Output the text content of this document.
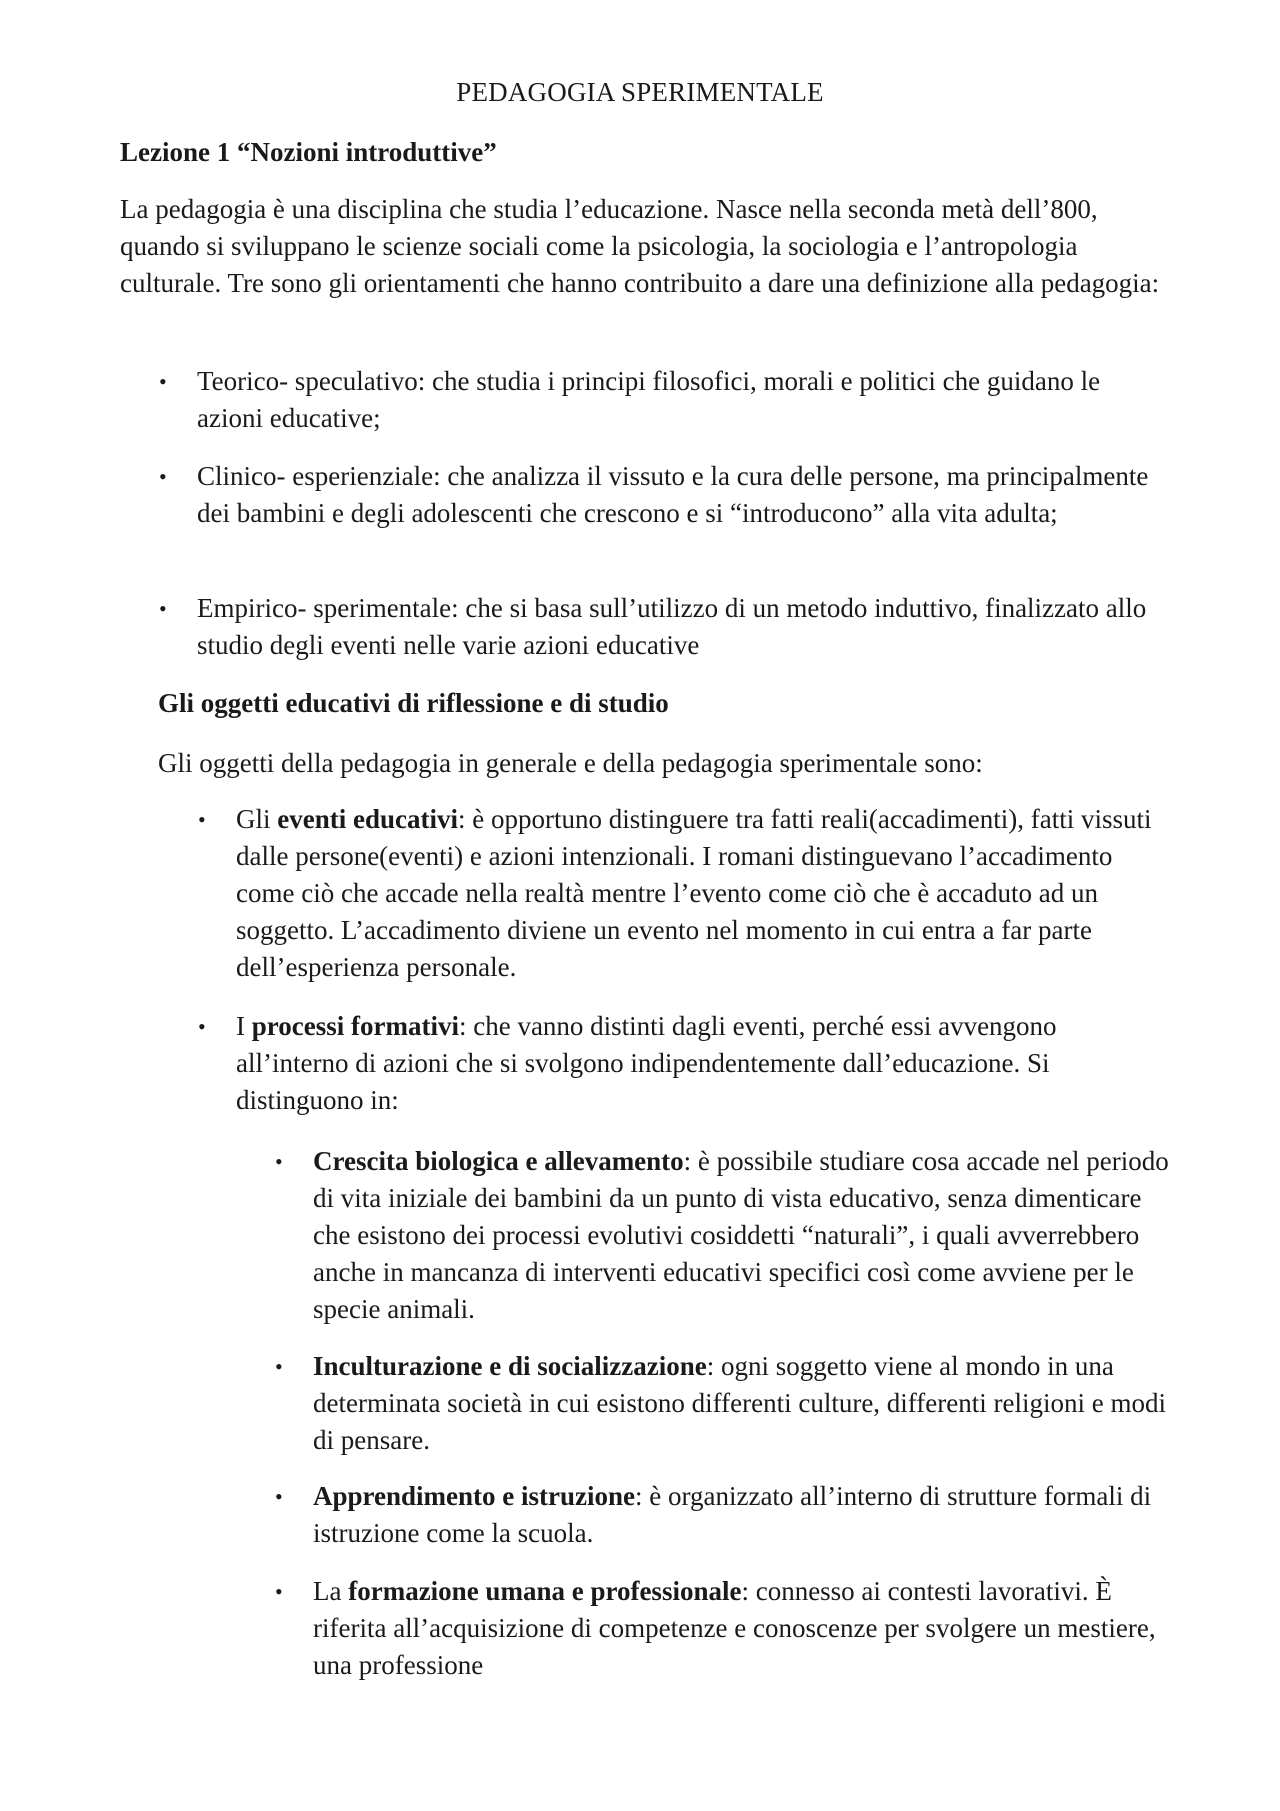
PEDAGOGIA SPERIMENTALE
Lezione 1 “Nozioni introduttive”

La pedagogia è una disciplina che studia l’educazione. Nasce nella seconda metà dell’800, quando si sviluppano le scienze sociali come la psicologia, la sociologia e l’antropologia culturale. Tre sono gli orientamenti che hanno contribuito a dare una definizione alla pedagogia:

• Teorico- speculativo: che studia i principi filosofici, morali e politici che guidano le azioni educative;
• Clinico- esperienziale: che analizza il vissuto e la cura delle persone, ma principalmente dei bambini e degli adolescenti che crescono e si “introducono” alla vita adulta;
• Empirico- sperimentale: che si basa sull’utilizzo di un metodo induttivo, finalizzato allo studio degli eventi nelle varie azioni educative
Gli oggetti educativi di riflessione e di studio

Gli oggetti della pedagogia in generale e della pedagogia sperimentale sono:

• Gli eventi educativi: è opportuno distinguere tra fatti reali(accadimenti), fatti vissuti dalle persone(eventi) e azioni intenzionali. I romani distinguevano l’accadimento come ciò che accade nella realtà mentre l’evento come ciò che è accaduto ad un soggetto. L’accadimento diviene un evento nel momento in cui entra a far parte dell’esperienza personale.
• I processi formativi: che vanno distinti dagli eventi, perché essi avvengono all’interno di azioni che si svolgono indipendentemente dall’educazione. Si distinguono in:
• Crescita biologica e allevamento: è possibile studiare cosa accade nel periodo di vita iniziale dei bambini da un punto di vista educativo, senza dimenticare che esistono dei processi evolutivi cosiddetti “naturali”, i quali avverrebbero anche in mancanza di interventi educativi specifici così come avviene per le specie animali.
• Inculturazione e di socializzazione: ogni soggetto viene al mondo in una determinata società in cui esistono differenti culture, differenti religioni e modi di pensare.
• Apprendimento e istruzione: è organizzato all’interno di strutture formali di istruzione come la scuola.
• La formazione umana e professionale: connesso ai contesti lavorativi. È riferita all’acquisizione di competenze e conoscenze per svolgere un mestiere, una professione
